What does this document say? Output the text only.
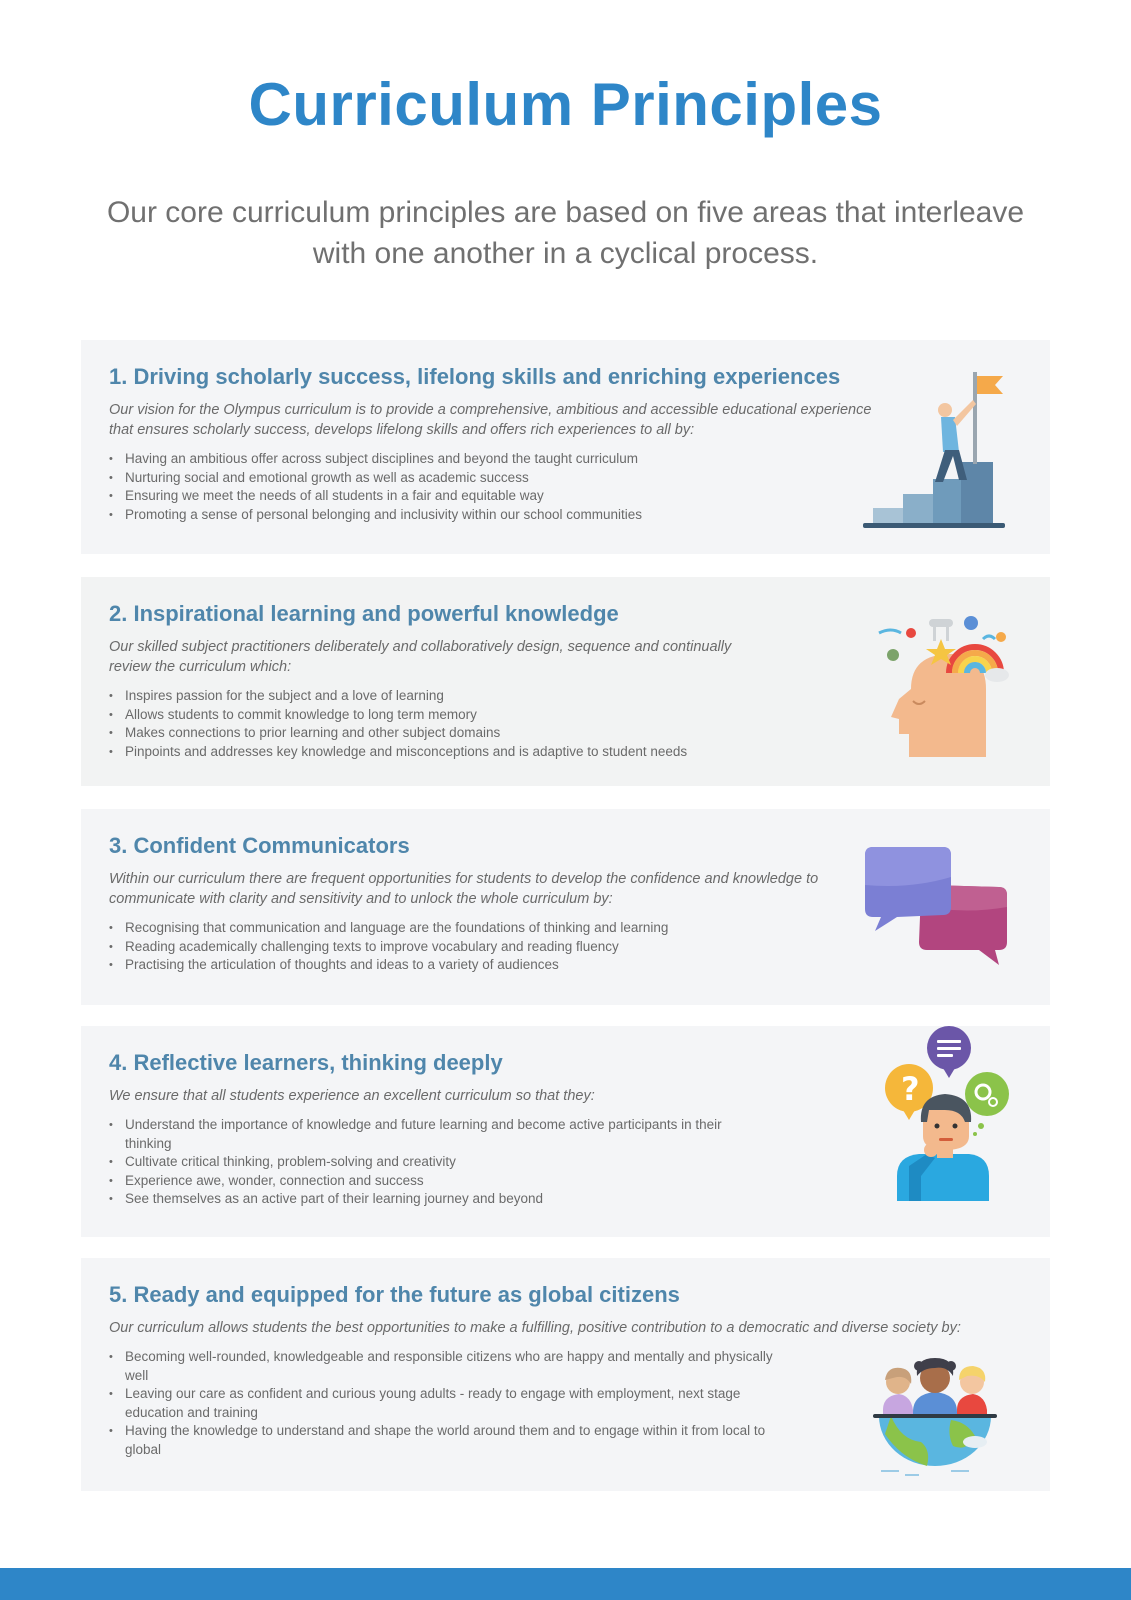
Curriculum Principles
Our core curriculum principles are based on five areas that interleave with one another in a cyclical process.
1. Driving scholarly success, lifelong skills and enriching experiences
Our vision for the Olympus curriculum is to provide a comprehensive, ambitious and accessible educational experience that ensures scholarly success, develops lifelong skills and offers rich experiences to all by:
• Having an ambitious offer across subject disciplines and beyond the taught curriculum
• Nurturing social and emotional growth as well as academic success
• Ensuring we meet the needs of all students in a fair and equitable way
• Promoting a sense of personal belonging and inclusivity within our school communities
2. Inspirational learning and powerful knowledge
Our skilled subject practitioners deliberately and collaboratively design, sequence and continually review the curriculum which:
• Inspires passion for the subject and a love of learning
• Allows students to commit knowledge to long term memory
• Makes connections to prior learning and other subject domains
• Pinpoints and addresses key knowledge and misconceptions and is adaptive to student needs
3. Confident Communicators
Within our curriculum there are frequent opportunities for students to develop the confidence and knowledge to communicate with clarity and sensitivity and to unlock the whole curriculum by:
• Recognising that communication and language are the foundations of thinking and learning
• Reading academically challenging texts to improve vocabulary and reading fluency
• Practising the articulation of thoughts and ideas to a variety of audiences
4. Reflective learners, thinking deeply
We ensure that all students experience an excellent curriculum so that they:
• Understand the importance of knowledge and future learning and become active participants in their thinking
• Cultivate critical thinking, problem-solving and creativity
• Experience awe, wonder, connection and success
• See themselves as an active part of their learning journey and beyond
?
5. Ready and equipped for the future as global citizens
Our curriculum allows students the best opportunities to make a fulfilling, positive contribution to a democratic and diverse society by:
• Becoming well-rounded, knowledgeable and responsible citizens who are happy and mentally and physically well
• Leaving our care as confident and curious young adults - ready to engage with employment, next stage education and training
• Having the knowledge to understand and shape the world around them and to engage within it from local to global
